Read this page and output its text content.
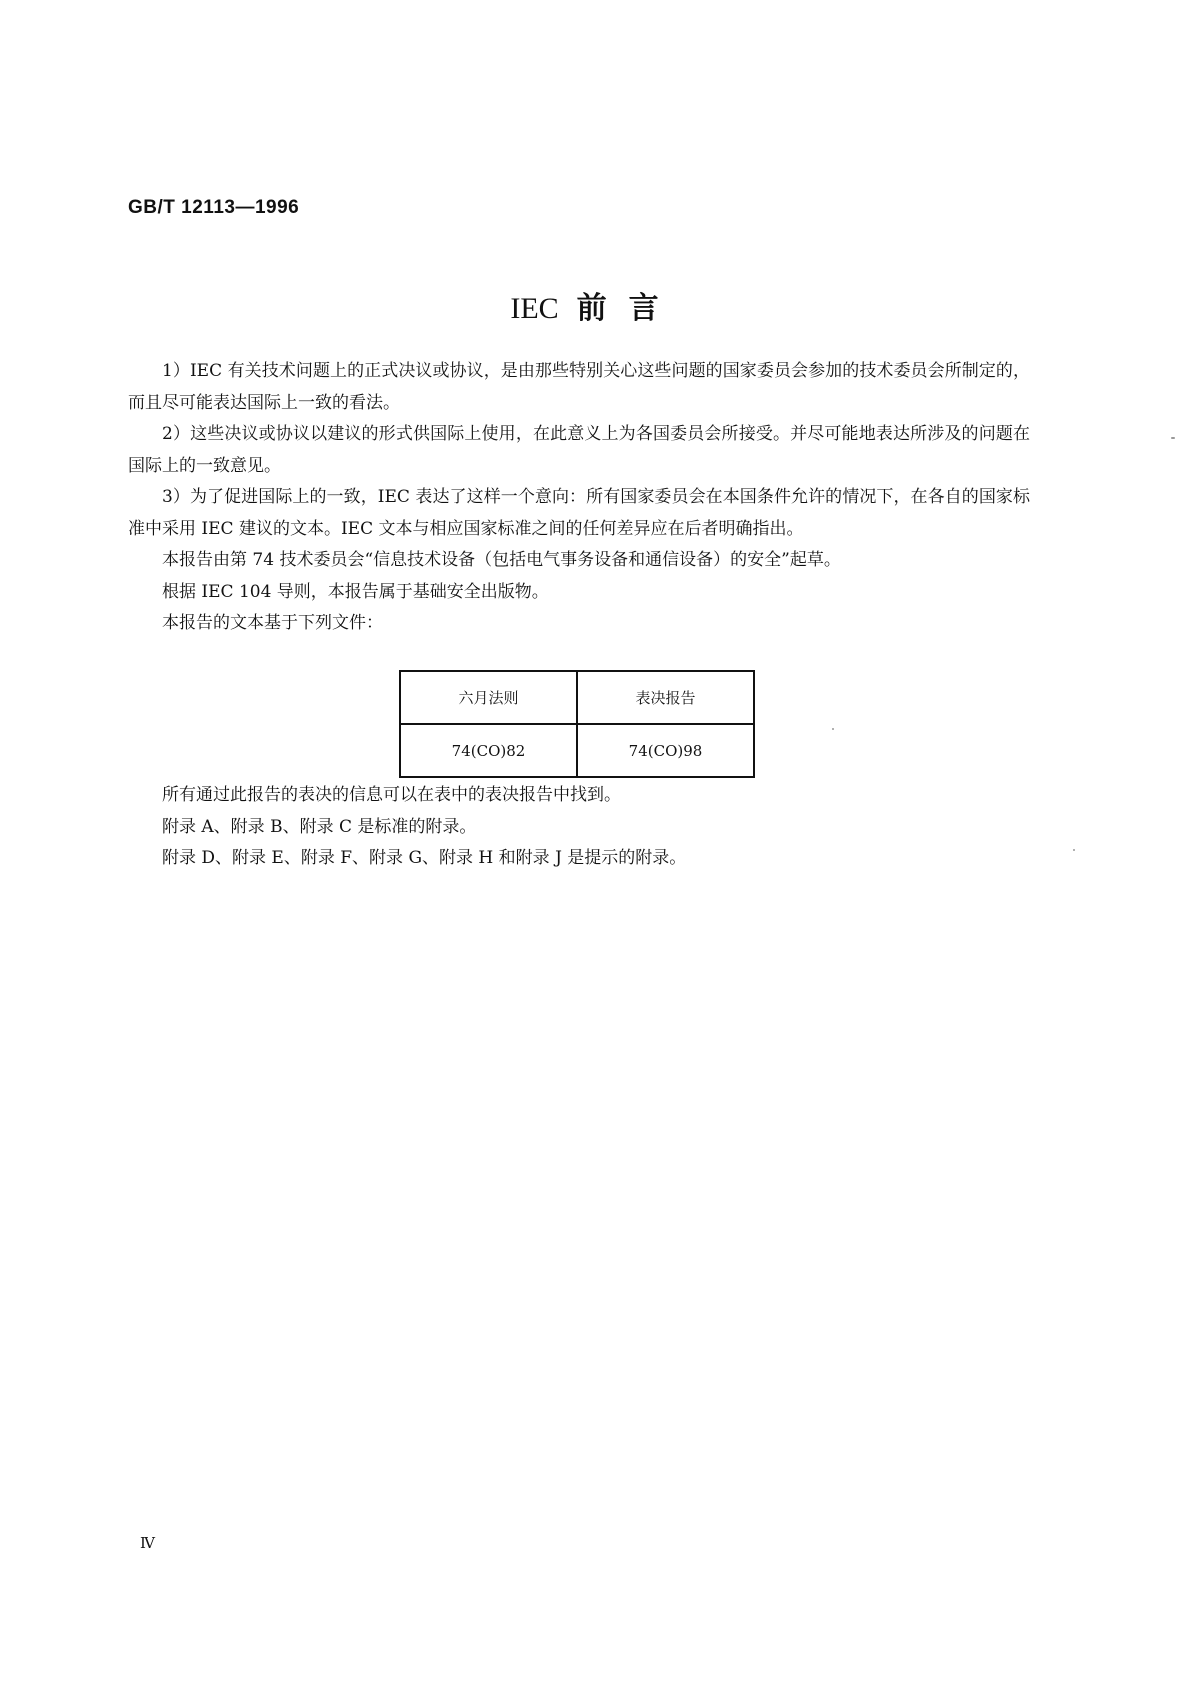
GB/T 12113—1996
IEC 前言

1）IEC 有关技术问题上的正式决议或协议，是由那些特别关心这些问题的国家委员会参加的技术委员会所制定的，而且尽可能表达国际上一致的看法。

2）这些决议或协议以建议的形式供国际上使用，在此意义上为各国委员会所接受。并尽可能地表达所涉及的问题在国际上的一致意见。

3）为了促进国际上的一致，IEC 表达了这样一个意向：所有国家委员会在本国条件允许的情况下，在各自的国家标准中采用 IEC 建议的文本。IEC 文本与相应国家标准之间的任何差异应在后者明确指出。

本报告由第 74 技术委员会“信息技术设备（包括电气事务设备和通信设备）的安全”起草。

根据 IEC 104 导则，本报告属于基础安全出版物。

本报告的文本基于下列文件：

六月法则	表决报告
74(CO)82	74(CO)98

所有通过此报告的表决的信息可以在表中的表决报告中找到。

附录 A、附录 B、附录 C 是标准的附录。

附录 D、附录 E、附录 F、附录 G、附录 H 和附录 J 是提示的附录。

Ⅳ
